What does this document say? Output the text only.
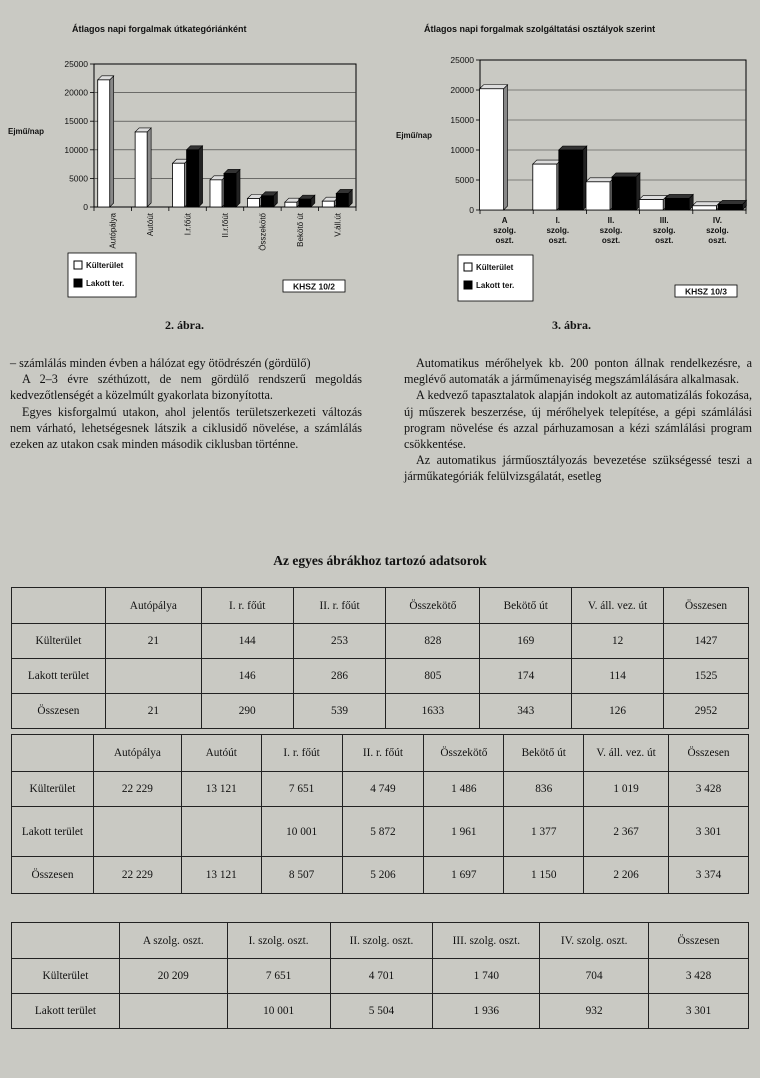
Átlagos napi forgalmak útkategóriánként
0
5000
10000
15000
20000
25000
Ejmű/nap
Autópálya	Autóút	I.r.főút	II.r.főút	Összekötő	Bekötő út	V.áll.út
Külterület
Lakott ter.	KHSZ 10/2
2. ábra.
Átlagos napi forgalmak szolgáltatási osztályok szerint
0
5000
10000
15000
20000
25000
Ejmű/nap
A
szolg.
oszt.
I.
szolg.
oszt.
II.
szolg.
oszt.
III.
szolg.
oszt.
IV.
szolg.
oszt.
Külterület
Lakott ter.
KHSZ 10/3
3. ábra.

– számlálás minden évben a hálózat egy ötödrészén (gördülő)

A 2–3 évre széthúzott, de nem gördülő rendszerű megoldás kedvezőtlenségét a közelmúlt gyakorlata bizonyította.

Egyes kisforgalmú utakon, ahol jelentős területszerkezeti változás nem várható, lehetségesnek látszik a ciklusidő növelése, a számlálás ezeken az utakon csak minden második ciklusban történne.

Automatikus mérőhelyek kb. 200 ponton állnak rendelkezésre, a meglévő automaták a járműmenayiség megszámlálására alkalmasak.

A kedvező tapasztalatok alapján indokolt az automatizálás fokozása, új műszerek beszerzése, új mérőhelyek telepítése, a gépi számlálási program növelése és azzal párhuzamosan a kézi számlálási program csökkentése.

Az automatikus járműosztályozás bevezetése szükségessé teszi a járműkategóriák felülvizsgálatát, esetleg

Az egyes ábrákhoz tartozó adatsorok
	Autópálya	I. r. főút	II. r. főút	Összekötő	Bekötő út	V. áll. vez. út	Összesen
Külterület	21	144	253	828	169	12	1427
Lakott terület		146	286	805	174	114	1525
Összesen	21	290	539	1633	343	126	2952
	Autópálya	Autóút	I. r. főút	II. r. főút	Összekötő	Bekötő út	V. áll. vez. út	Összesen
Külterület	22 229	13 121	7 651	4 749	1 486	836	1 019	3 428
Lakott terület			10 001	5 872	1 961	1 377	2 367	3 301
Összesen	22 229	13 121	8 507	5 206	1 697	1 150	2 206	3 374
	A szolg. oszt.	I. szolg. oszt.	II. szolg. oszt.	III. szolg. oszt.	IV. szolg. oszt.	Összesen
Külterület	20 209	7 651	4 701	1 740	704	3 428
Lakott terület		10 001	5 504	1 936	932	3 301
